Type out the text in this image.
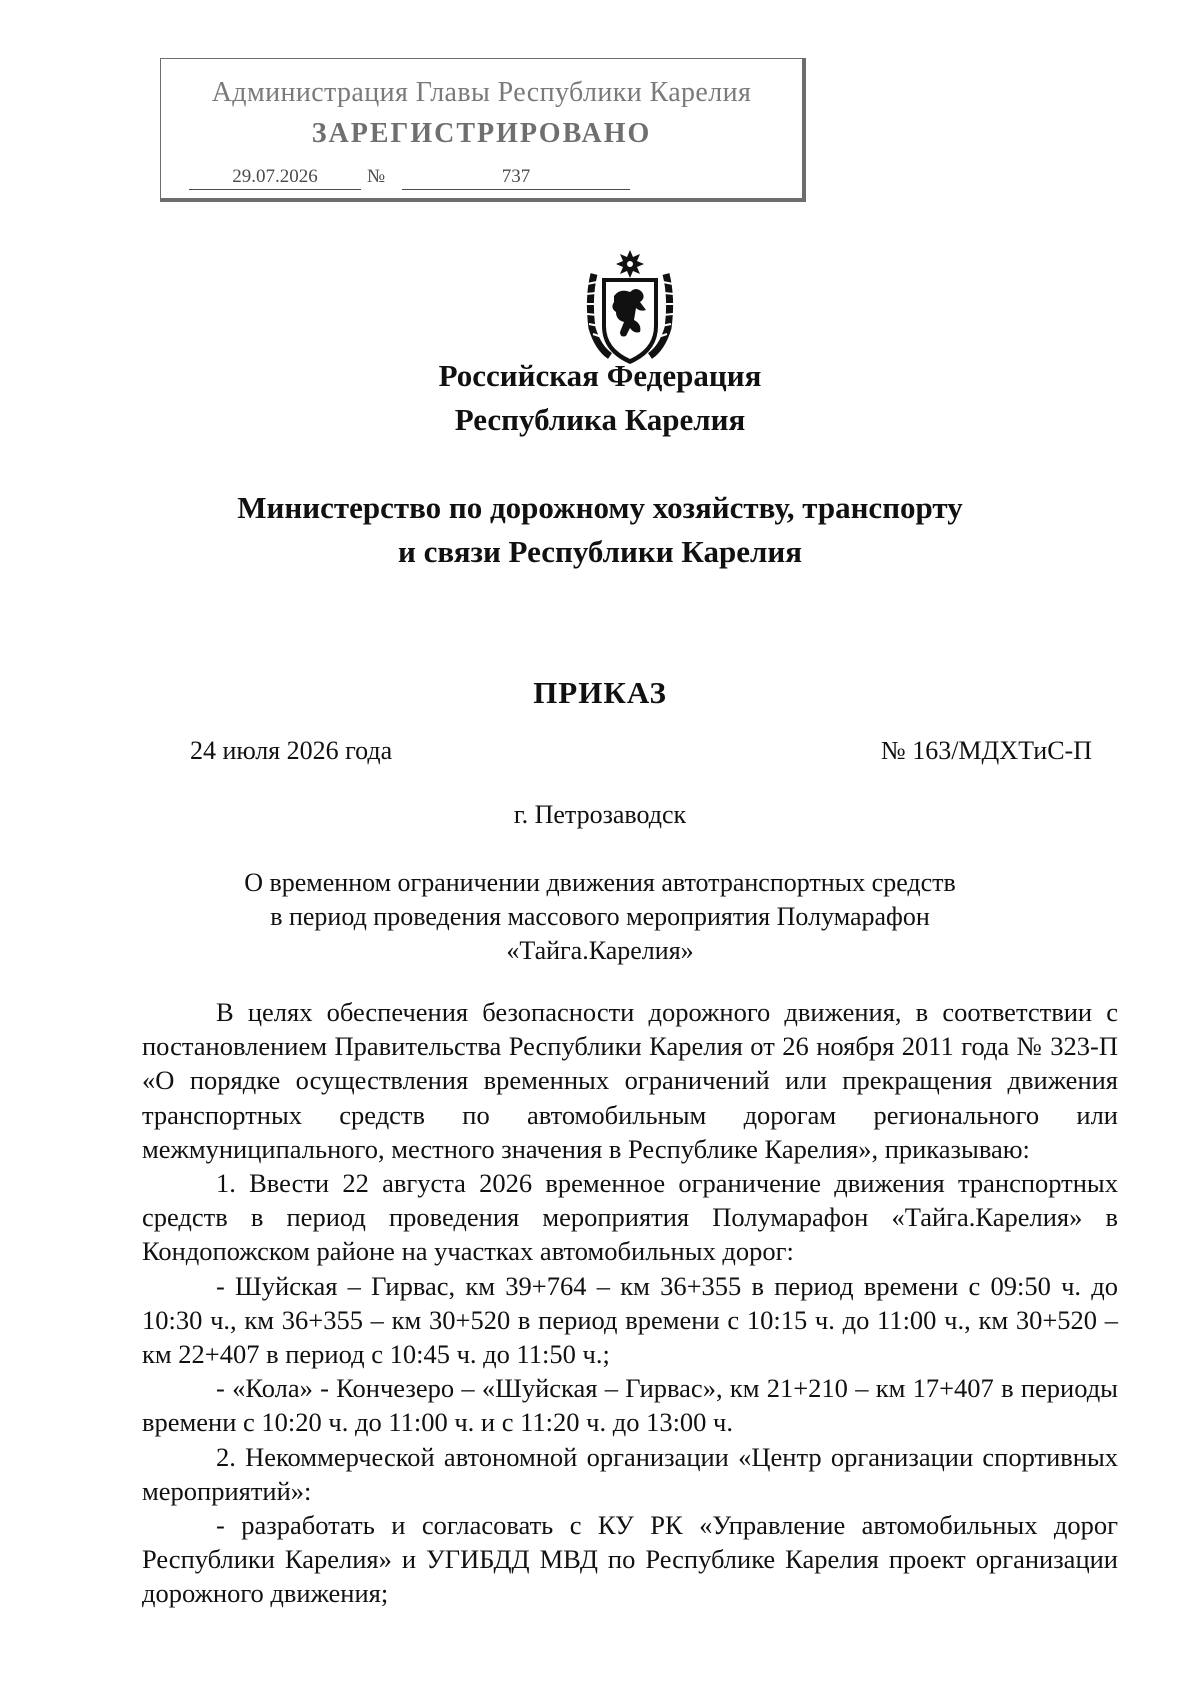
Администрация Главы Республики Карелия
ЗАРЕГИСТРИРОВАНО
29.07.2026	№	737
Российская Федерация
Республика Карелия
Министерство по дорожному хозяйству, транспорту
и связи Республики Карелия
ПРИКАЗ
24 июля 2026 года	№ 163/МДХТиС-П
г. Петрозаводск
О временном ограничении движения автотранспортных средств
в период проведения массового мероприятия Полумарафон
«Тайга.Карелия»

В целях обеспечения безопасности дорожного движения, в соответствии с постановлением Правительства Республики Карелия от 26 ноября 2011 года № 323-П «О порядке осуществления временных ограничений или прекращения движения транспортных средств по автомобильным дорогам регионального или межмуниципального, местного значения в Республике Карелия», приказываю:

1. Ввести 22 августа 2026 временное ограничение движения транспортных средств в период проведения мероприятия Полумарафон «Тайга.Карелия» в Кондопожском районе на участках автомобильных дорог:

- Шуйская – Гирвас, км 39+764 – км 36+355 в период времени с 09:50 ч. до 10:30 ч., км 36+355 – км 30+520 в период времени с 10:15 ч. до 11:00 ч., км 30+520 – км 22+407 в период с 10:45 ч. до 11:50 ч.;

- «Кола» - Кончезеро – «Шуйская – Гирвас», км 21+210 – км 17+407 в периоды времени с 10:20 ч. до 11:00 ч. и с 11:20 ч. до 13:00 ч.

2. Некоммерческой автономной организации «Центр организации спортивных мероприятий»:

- разработать и согласовать с КУ РК «Управление автомобильных дорог Республики Карелия» и УГИБДД МВД по Республике Карелия проект организации дорожного движения;
